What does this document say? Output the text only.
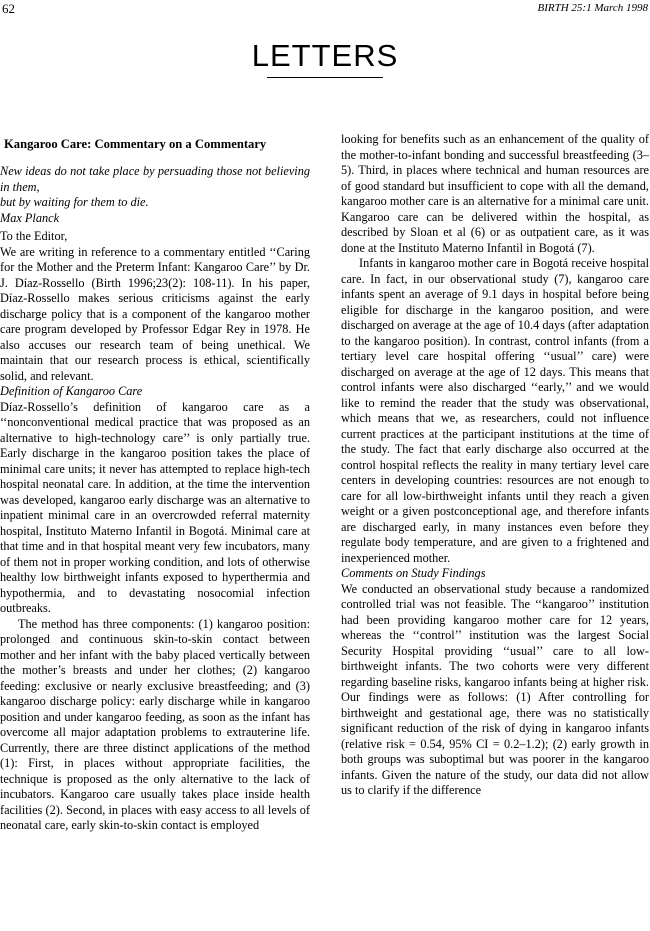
62	BIRTH 25:1 March 1998
LETTERS
Kangaroo Care: Commentary on a Commentary

New ideas do not take place by persuading those not believing in them,

but by waiting for them to die.

Max Planck

To the Editor,

We are writing in reference to a commentary entitled ‘‘Caring for the Mother and the Preterm Infant: Kangaroo Care’’ by Dr. J. Díaz-Rossello (Birth 1996;23(2): 108-11). In his paper, Díaz-Rossello makes serious criticisms against the early discharge policy that is a component of the kangaroo mother care program developed by Professor Edgar Rey in 1978. He also accuses our research team of being unethical. We maintain that our research process is ethical, scientifically solid, and relevant.

Definition of Kangaroo Care

Díaz-Rossello’s definition of kangaroo care as a ‘‘nonconventional medical practice that was proposed as an alternative to high-technology care’’ is only partially true. Early discharge in the kangaroo position takes the place of minimal care units; it never has attempted to replace high-tech hospital neonatal care. In addition, at the time the intervention was developed, kangaroo early discharge was an alternative to inpatient minimal care in an overcrowded referral maternity hospital, Instituto Materno Infantil in Bogotá. Minimal care at that time and in that hospital meant very few incubators, many of them not in proper working condition, and lots of otherwise healthy low birthweight infants exposed to hyperthermia and hypothermia, and to devastating nosocomial infection outbreaks.

The method has three components: (1) kangaroo position: prolonged and continuous skin-to-skin contact between mother and her infant with the baby placed vertically between the mother’s breasts and under her clothes; (2) kangaroo feeding: exclusive or nearly exclusive breastfeeding; and (3) kangaroo discharge policy: early discharge while in kangaroo position and under kangaroo feeding, as soon as the infant has overcome all major adaptation problems to extrauterine life. Currently, there are three distinct applications of the method (1): First, in places without appropriate facilities, the technique is proposed as the only alternative to the lack of incubators. Kangaroo care usually takes place inside health facilities (2). Second, in places with easy access to all levels of neonatal care, early skin-to-skin contact is employed

looking for benefits such as an enhancement of the quality of the mother-to-infant bonding and successful breastfeeding (3–5). Third, in places where technical and human resources are of good standard but insufficient to cope with all the demand, kangaroo mother care is an alternative for a minimal care unit. Kangaroo care can be delivered within the hospital, as described by Sloan et al (6) or as outpatient care, as it was done at the Instituto Materno Infantil in Bogotá (7).

Infants in kangaroo mother care in Bogotá receive hospital care. In fact, in our observational study (7), kangaroo care infants spent an average of 9.1 days in hospital before being eligible for discharge in the kangaroo position, and were discharged on average at the age of 10.4 days (after adaptation to the kangaroo position). In contrast, control infants (from a tertiary level care hospital offering ‘‘usual’’ care) were discharged on average at the age of 12 days. This means that control infants were also discharged ‘‘early,’’ and we would like to remind the reader that the study was observational, which means that we, as researchers, could not influence current practices at the participant institutions at the time of the study. The fact that early discharge also occurred at the control hospital reflects the reality in many tertiary level care centers in developing countries: resources are not enough to care for all low-birthweight infants until they reach a given weight or a given postconceptional age, and therefore infants are discharged early, in many instances even before they regulate body temperature, and are given to a frightened and inexperienced mother.

Comments on Study Findings

We conducted an observational study because a randomized controlled trial was not feasible. The ‘‘kangaroo’’ institution had been providing kangaroo mother care for 12 years, whereas the ‘‘control’’ institution was the largest Social Security Hospital providing ‘‘usual’’ care to all low-birthweight infants. The two cohorts were very different regarding baseline risks, kangaroo infants being at higher risk. Our findings were as follows: (1) After controlling for birthweight and gestational age, there was no statistically significant reduction of the risk of dying in kangaroo infants (relative risk = 0.54, 95% CI = 0.2–1.2); (2) early growth in both groups was suboptimal but was poorer in the kangaroo infants. Given the nature of the study, our data did not allow us to clarify if the difference
